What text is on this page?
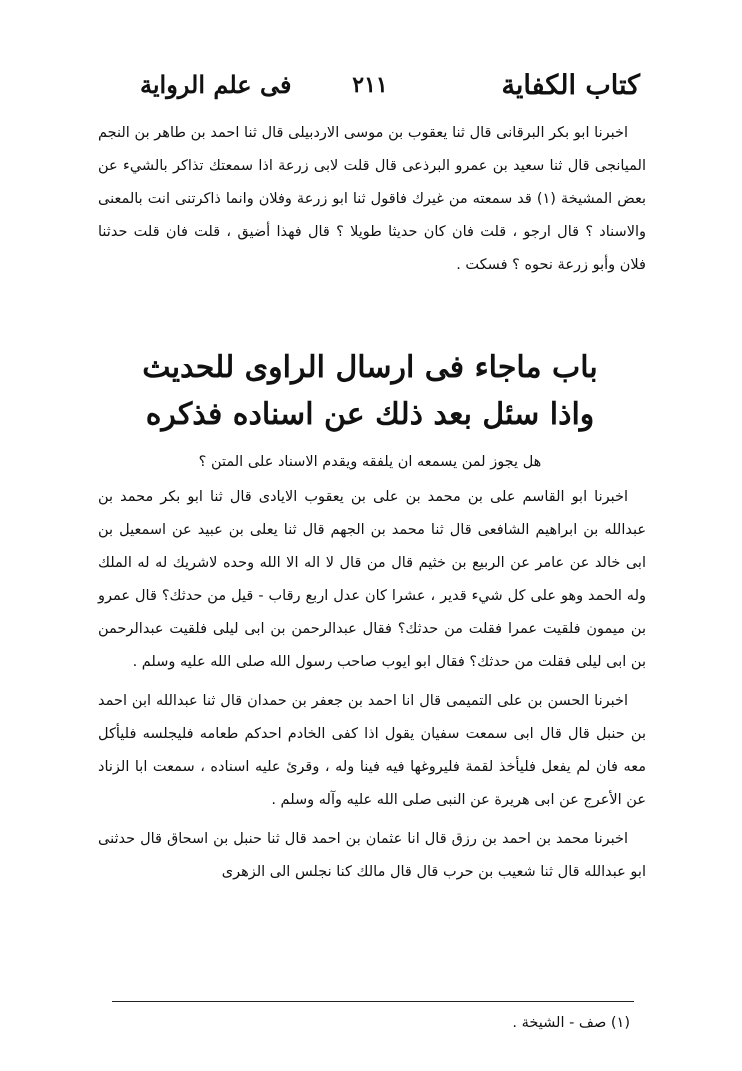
كتاب الكفاية
٢١١
فى علم الرواية

اخبرنا ابو بكر البرقانى قال ثنا يعقوب بن موسى الاردبيلى قال ثنا احمد بن طاهر بن النجم الميانجى قال ثنا سعيد بن عمرو البرذعى قال قلت لابى زرعة اذا سمعتك تذاكر بالشيء عن بعض المشيخة (١) قد سمعته من غيرك فاقول ثنا ابو زرعة وفلان وانما ذاكرتنى انت بالمعنى والاسناد ؟ قال ارجو ، قلت فان كان حديثا طويلا ؟ قال فهذا أضيق ، قلت فان قلت حدثنا فلان وأبو زرعة نحوه ؟ فسكت .

باب ماجاء فى ارسال الراوى للحديث
واذا سئل بعد ذلك عن اسناده فذكره
هل يجوز لمن يسمعه ان يلفقه ويقدم الاسناد على المتن ؟

اخبرنا ابو القاسم على بن محمد بن على بن يعقوب الايادى قال ثنا ابو بكر محمد بن عبدالله بن ابراهيم الشافعى قال ثنا محمد بن الجهم قال ثنا يعلى بن عبيد عن اسمعيل بن ابى خالد عن عامر عن الربيع بن خثيم قال من قال لا اله الا الله وحده لاشريك له له الملك وله الحمد وهو على كل شيء قدير ، عشرا كان عدل اربع رقاب - قيل من حدثك؟ قال عمرو بن ميمون فلقيت عمرا فقلت من حدثك؟ فقال عبدالرحمن بن ابى ليلى فلقيت عبدالرحمن بن ابى ليلى فقلت من حدثك؟ فقال ابو ايوب صاحب رسول الله صلى الله عليه وسلم .

اخبرنا الحسن بن على التميمى قال انا احمد بن جعفر بن حمدان قال ثنا عبدالله ابن احمد بن حنبل قال قال ابى سمعت سفيان يقول اذا كفى الخادم احدكم طعامه فليجلسه فليأكل معه فان لم يفعل فليأخذ لقمة فليروغها فيه فينا وله ، وقرئ عليه اسناده ، سمعت ابا الزناد عن الأعرج عن ابى هريرة عن النبى صلى الله عليه وآله وسلم .

اخبرنا محمد بن احمد بن رزق قال انا عثمان بن احمد قال ثنا حنبل بن اسحاق قال حدثنى ابو عبدالله قال ثنا شعيب بن حرب قال قال مالك كنا نجلس الى الزهرى

(١) صف - الشيخة .
